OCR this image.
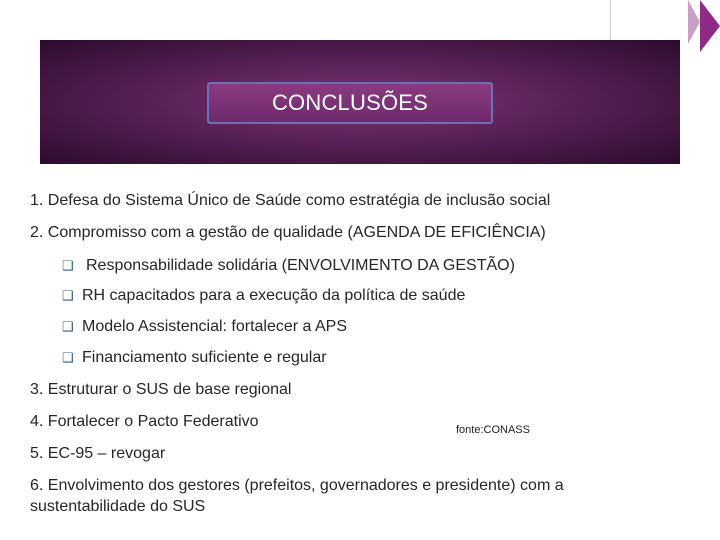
CONCLUSÕES
1. Defesa do Sistema Único de Saúde como estratégia de inclusão social
2. Compromisso com a gestão de qualidade (AGENDA DE EFICIÊNCIA)
❑ Responsabilidade solidária (ENVOLVIMENTO DA GESTÃO)
❑ RH capacitados para a execução da política de saúde
❑ Modelo Assistencial: fortalecer a APS
❑ Financiamento suficiente e regular
3. Estruturar o SUS de base regional
4. Fortalecer o Pacto Federativo	fonte:CONASS
5. EC-95 – revogar
6. Envolvimento dos gestores (prefeitos, governadores e presidente) com a
sustentabilidade do SUS
